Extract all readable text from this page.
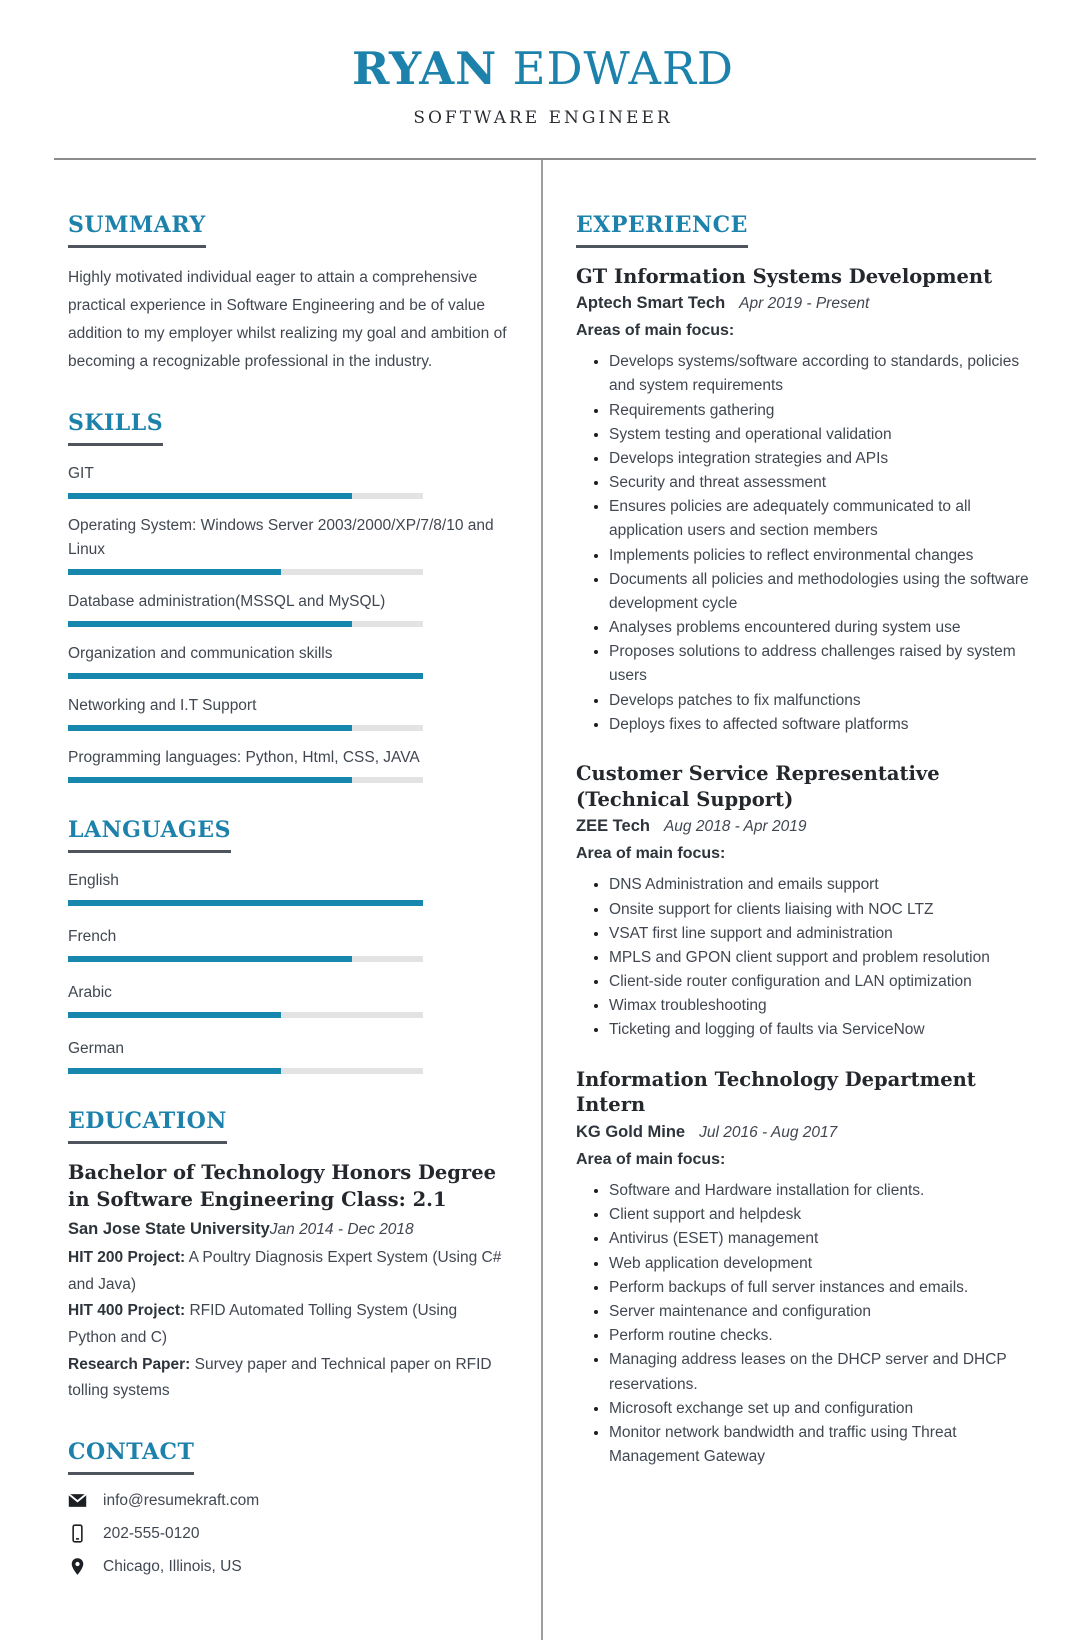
RYAN EDWARD
SOFTWARE ENGINEER
SUMMARY

Highly motivated individual eager to attain a comprehensive practical experience in Software Engineering and be of value addition to my employer whilst realizing my goal and ambition of becoming a recognizable professional in the industry.

SKILLS
GIT
Operating System: Windows Server 2003/2000/XP/7/8/10 and Linux
Database administration(MSSQL and MySQL)
Organization and communication skills
Networking and I.T Support
Programming languages: Python, Html, CSS, JAVA
LANGUAGES
English
French
Arabic
German
EDUCATION
Bachelor of Technology Honors Degree in Software Engineering Class: 2.1
San Jose State UniversityJan 2014 - Dec 2018
HIT 200 Project: A Poultry Diagnosis Expert System (Using C# and Java)
HIT 400 Project: RFID Automated Tolling System (Using Python and C)
Research Paper: Survey paper and Technical paper on RFID tolling systems
CONTACT
info@resumekraft.com
202-555-0120
Chicago, Illinois, US
EXPERIENCE
GT Information Systems Development
Aptech Smart Tech Apr 2019 - Present
Areas of main focus:
• Develops systems/software according to standards, policies and system requirements
• Requirements gathering
• System testing and operational validation
• Develops integration strategies and APIs
• Security and threat assessment
• Ensures policies are adequately communicated to all application users and section members
• Implements policies to reflect environmental changes
• Documents all policies and methodologies using the software development cycle
• Analyses problems encountered during system use
• Proposes solutions to address challenges raised by system users
• Develops patches to fix malfunctions
• Deploys fixes to affected software platforms
Customer Service Representative (Technical Support)
ZEE Tech Aug 2018 - Apr 2019
Area of main focus:
• DNS Administration and emails support
• Onsite support for clients liaising with NOC LTZ
• VSAT first line support and administration
• MPLS and GPON client support and problem resolution
• Client-side router configuration and LAN optimization
• Wimax troubleshooting
• Ticketing and logging of faults via ServiceNow
Information Technology Department Intern
KG Gold Mine Jul 2016 - Aug 2017
Area of main focus:
• Software and Hardware installation for clients.
• Client support and helpdesk
• Antivirus (ESET) management
• Web application development
• Perform backups of full server instances and emails.
• Server maintenance and configuration
• Perform routine checks.
• Managing address leases on the DHCP server and DHCP reservations.
• Microsoft exchange set up and configuration
• Monitor network bandwidth and traffic using Threat Management Gateway
